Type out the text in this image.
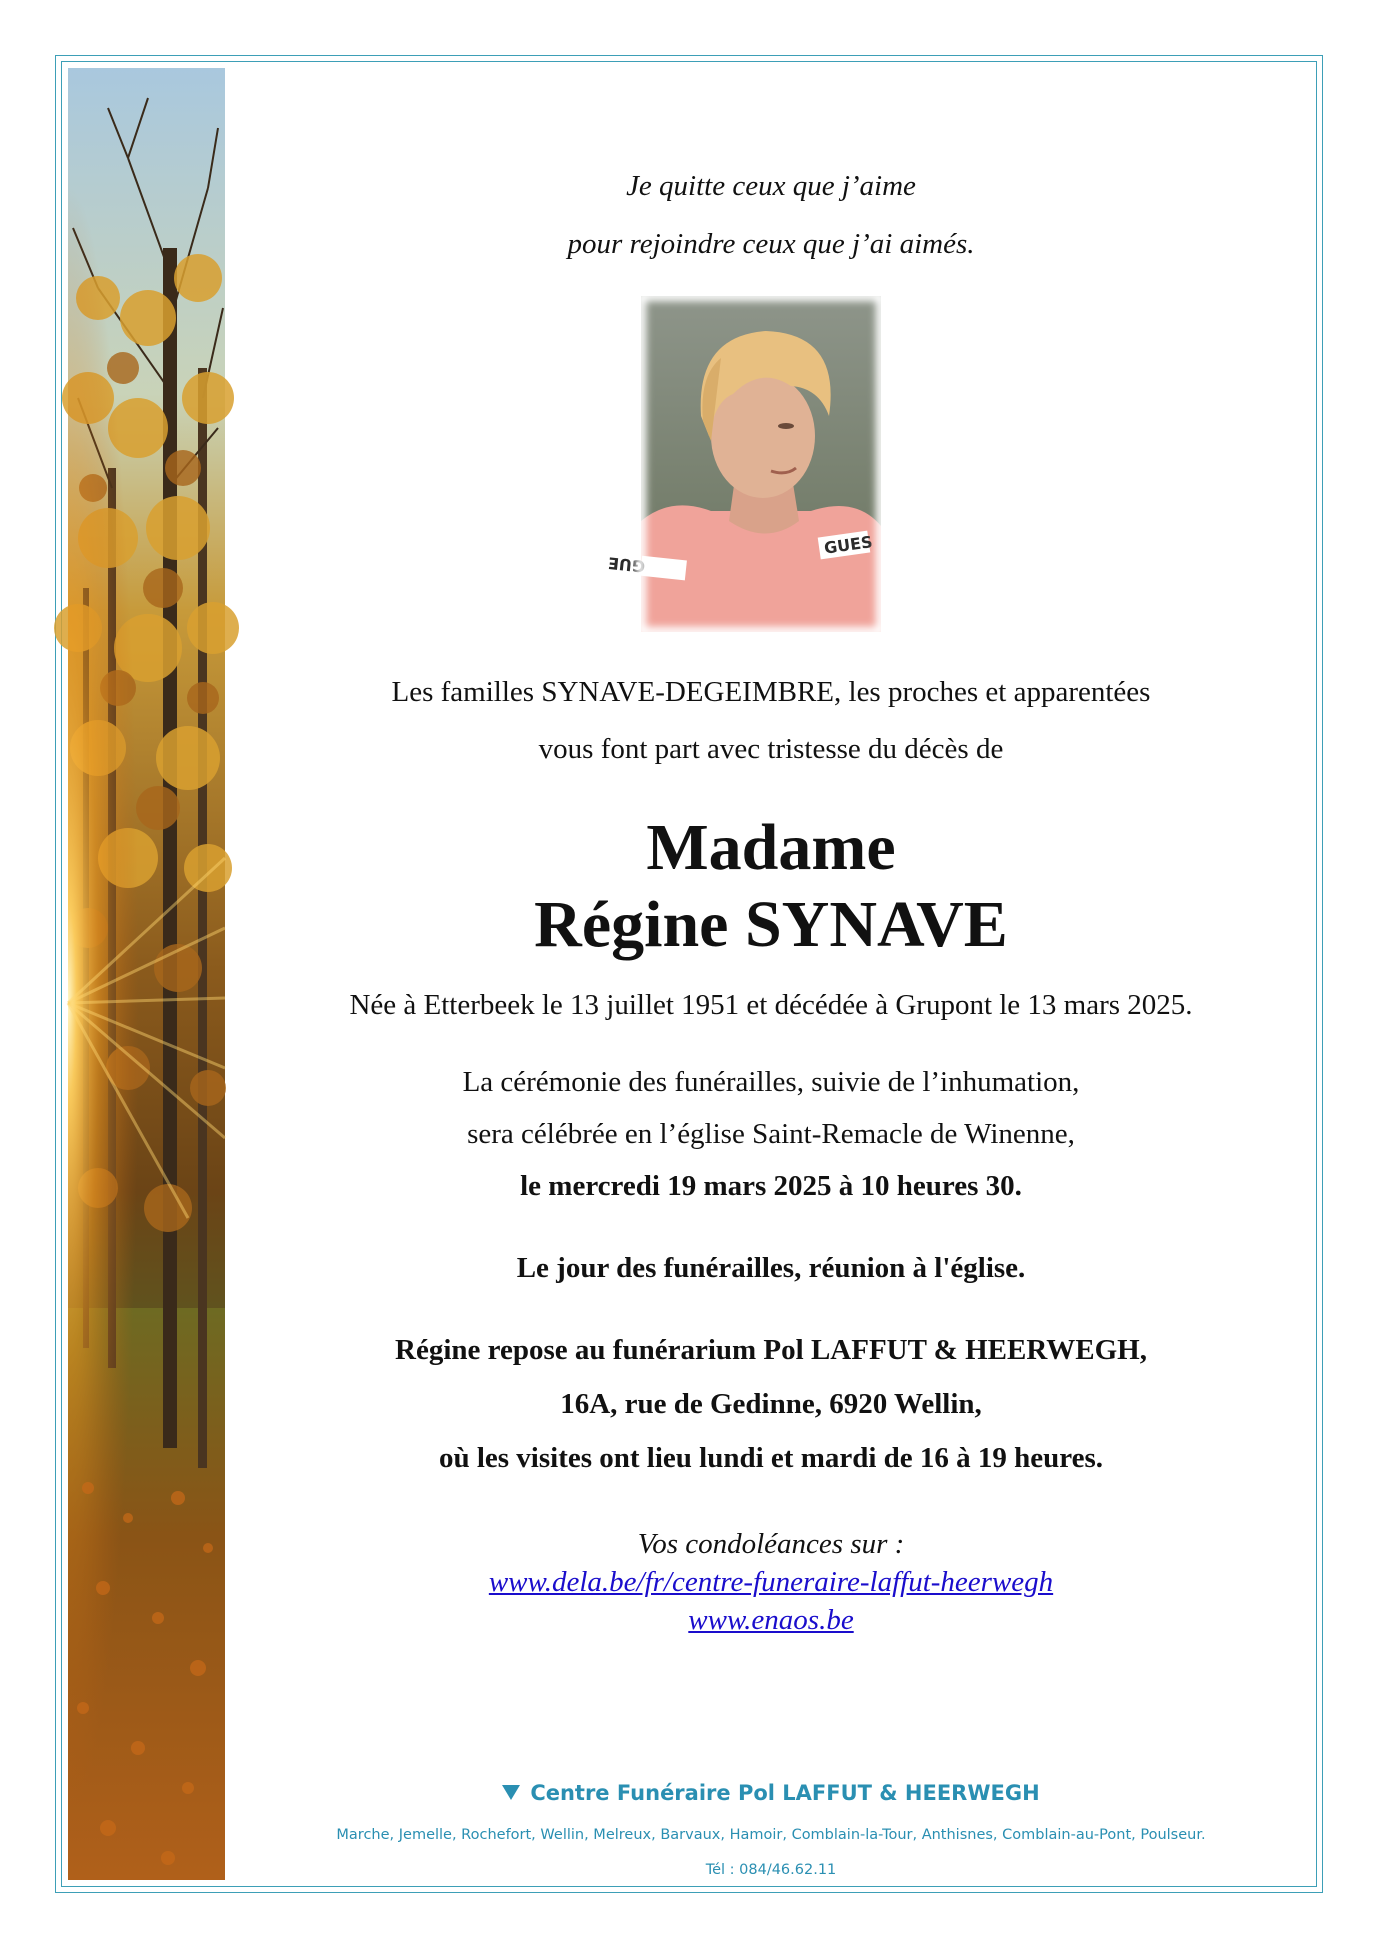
Je quitte ceux que j’aime
pour rejoindre ceux que j’ai aimés.
GUES
GUE
Les familles SYNAVE-DEGEIMBRE, les proches et apparentées
vous font part avec tristesse du décès de
Madame
Régine SYNAVE
Née à Etterbeek le 13 juillet 1951 et décédée à Grupont le 13 mars 2025.
La cérémonie des funérailles, suivie de l’inhumation,
sera célébrée en l’église Saint-Remacle de Winenne,
le mercredi 19 mars 2025 à 10 heures 30.
Le jour des funérailles, réunion à l'église.
Régine repose au funérarium Pol LAFFUT & HEERWEGH,
16A, rue de Gedinne, 6920 Wellin,
où les visites ont lieu lundi et mardi de 16 à 19 heures.
Vos condoléances sur :
www.dela.be/fr/centre-funeraire-laffut-heerwegh
www.enaos.be
Centre Funéraire Pol LAFFUT & HEERWEGH
Marche, Jemelle, Rochefort, Wellin, Melreux, Barvaux, Hamoir, Comblain-la-Tour, Anthisnes, Comblain-au-Pont, Poulseur.
Tél : 084/46.62.11
